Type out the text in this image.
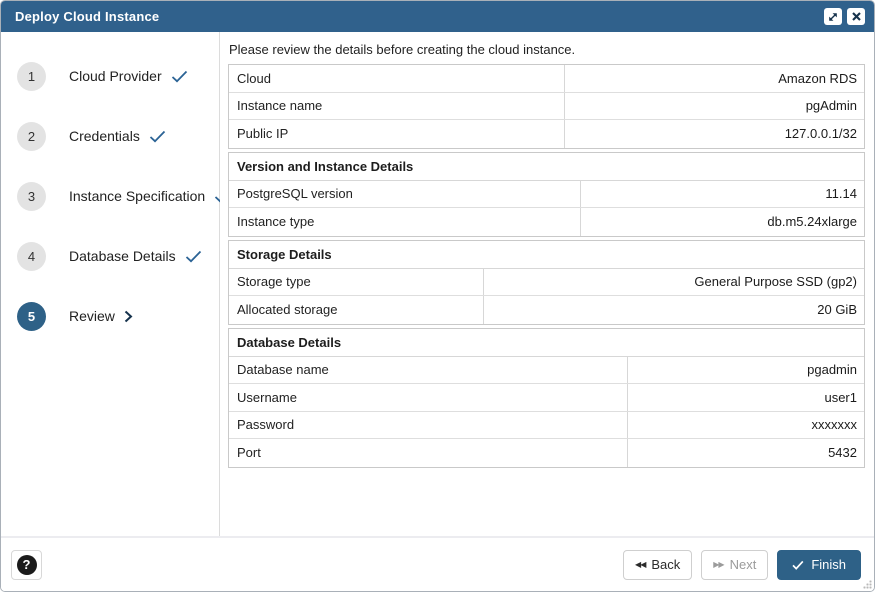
Deploy Cloud Instance
1	Cloud Provider
2	Credentials
3	Instance Specification
4	Database Details
5	Review
Please review the details before creating the cloud instance.
Cloud	Amazon RDS
Instance name	pgAdmin
Public IP	127.0.0.1/32
Version and Instance Details
PostgreSQL version	11.14
Instance type	db.m5.24xlarge
Storage Details
Storage type	General Purpose SSD (gp2)
Allocated storage	20 GiB
Database Details
Database name	pgadmin
Username	user1
Password	xxxxxxx
Port	5432
?	◀◀ Back	▶▶ Next	Finish
